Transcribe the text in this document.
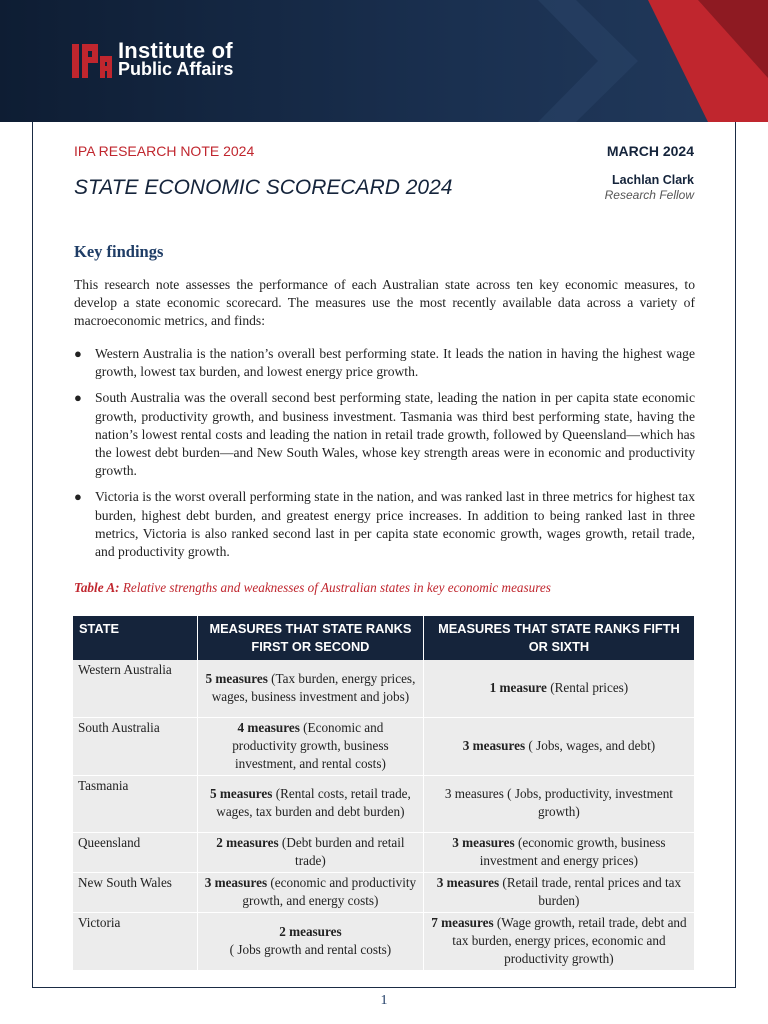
Institute of
Public Affairs
IPA RESEARCH NOTE 2024	MARCH 2024
STATE ECONOMIC SCORECARD 2024	Lachlan Clark
Research Fellow
Key findings
This research note assesses the performance of each Australian state across ten key economic measures, to develop a state economic scorecard. The measures use the most recently available data across a variety of macroeconomic metrics, and finds:
● Western Australia is the nation’s overall best performing state. It leads the nation in having the highest wage growth, lowest tax burden, and lowest energy price growth.
● South Australia was the overall second best performing state, leading the nation in per capita state economic growth, productivity growth, and business investment. Tasmania was third best performing state, having the nation’s lowest rental costs and leading the nation in retail trade growth, followed by Queensland—which has the lowest debt burden—and New South Wales, whose key strength areas were in economic and productivity growth.
● Victoria is the worst overall performing state in the nation, and was ranked last in three metrics for highest tax burden, highest debt burden, and greatest energy price increases. In addition to being ranked last in three metrics, Victoria is also ranked second last in per capita state economic growth, wages growth, retail trade, and productivity growth.
Table A: Relative strengths and weaknesses of Australian states in key economic measures
STATE	MEASURES THAT STATE RANKS FIRST OR SECOND	MEASURES THAT STATE RANKS FIFTH OR SIXTH
Western Australia	5 measures (Tax burden, energy prices, wages, business investment and jobs)	1 measure (Rental prices)
South Australia	4 measures (Economic and productivity growth, business investment, and rental costs)	3 measures ( Jobs, wages, and debt)
Tasmania	5 measures (Rental costs, retail trade, wages, tax burden and debt burden)	3 measures ( Jobs, productivity, investment growth)
Queensland	2 measures (Debt burden and retail trade)	3 measures (economic growth, business investment and energy prices)
New South Wales	3 measures (economic and productivity growth, and energy costs)	3 measures (Retail trade, rental prices and tax burden)
Victoria	2 measures
( Jobs growth and rental costs)	7 measures (Wage growth, retail trade, debt and tax burden, energy prices, economic and productivity growth)
1
